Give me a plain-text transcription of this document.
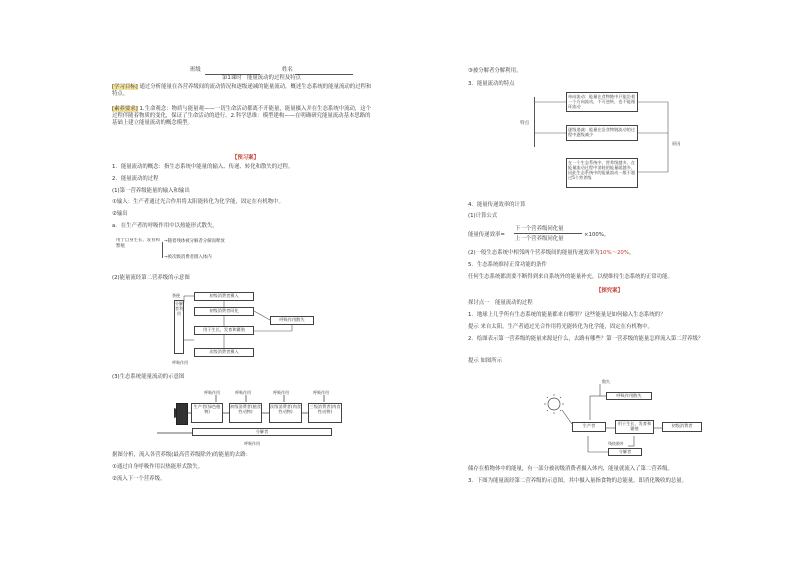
班级	姓名
第1课时　能量流动的过程及特点
[学习目标] 通过分析能量在各营养级间的流动情况和逐级递减的能量流动，概述生态系统的能量流动的过程和特点。
[素养要求] 1.生命观念：物质与能量观——一切生命活动都离不开能量，能量摄入并在生态系统中流动，这个过程伴随着物质的变化，保证了生命活动的进行。2.科学思维：模型建构——在明确研究能量流动基本思路的基础上建立能量流动的概念模型。
【预习案】
1．能量流动的概念：指生态系统中能量的输入、传递、转化和散失的过程。
2．能量流动的过程
(1)第一营养级能量的输入和输出
①输入：生产者通过光合作用将太阳能转化为化学能，固定在有机物中。
②输出
a．在生产者的呼吸作用中以热能形式散失。
用于自身生长、发育和繁殖
→随着残体被分解者分解而释放
→被次级消费者摄入体内
(2)能量流经第二营养级的示意图
初级消费者摄入
初级消费者同化
用于生长、发育和繁殖
呼吸作用散失
次级消费者摄入
分解者利用
粪便
呼吸作用
(3)生态系统能量流动的示意图
生产者(绿色植物)
初级消费者(植食性动物)
次级消费者(肉食性动物)
三级消费者(肉食性动物)
呼吸作用	呼吸作用	呼吸作用	呼吸作用
分解者
呼吸作用
据图分析，流入各营养级(最高营养级除外)的能量的去路：
①通过自身呼吸作用以热能形式散失。
②流入下一个营养级。
③被分解者分解利用。
3．能量流动的特点
特点
单向流动：能量在食物链中只能沿着一个方向流动，不可逆转，也不能循环流动
逐级递减：能量在沿食物链流动的过程中逐级减少
在一个生态系统中，营养级越多，在能量流动过程中消耗的能量就越多，因此生态系统中的能量流动一般不超过5个营养级
原因
4．能量传递效率的计算
(1)计算公式
能量传递效率=
下一个营养级同化量
上一个营养级同化量
×100%。
(2)一般生态系统中相邻两个营养级间的能量传递效率为10%～20%。
5．生态系统维持正常功能的条件
任何生态系统都需要不断得到来自系统外的能量补充，以便维持生态系统的正常功能。
【探究案】
探讨点一　能量流动的过程
1．地球上几乎所有生态系统的能量都来自哪里？这些能量是如何输入生态系统的？
提示 来自太阳。生产者通过光合作用将光能转化为化学能，固定在有机物中。
2．绘图表示第一营养级的能量来源是什么，去路有哪些？第一营养级的能量怎样流入第二营养级？
提示 如图所示
散失
呼吸作用散失
生产者	用于生长、发育和繁殖
初级消费者
残枝败叶
分解者
储存在植物体中的能量，有一部分被初级消费者摄入体内，能量就流入了第二营养级。
3．下图为能量流经第二营养级的示意图，其中摄入量指食物的总能量，即消化吸收的总量。
